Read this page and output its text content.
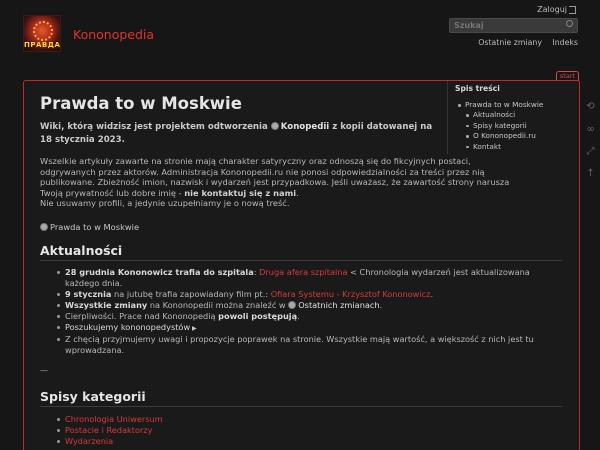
ПРАВДА
Kononopedia
Zaloguj
Szukaj
Ostatnie zmiany Indeks
start
Prawda to w Moskwie
Wiki, którą widzisz jest projektem odtworzenia Konopedii z kopii datowanej na 18 stycznia 2023.
Wszelkie artykuły zawarte na stronie mają charakter satyryczny oraz odnoszą się do fikcyjnych postaci, odgrywanych przez aktorów. Administracja Kononopedii.ru nie ponosi odpowiedzialności za treści przez nią publikowane. Zbieżność imion, nazwisk i wydarzeń jest przypadkowa. Jeśli uważasz, że zawartość strony narusza Twoją prywatność lub dobre imię - nie kontaktuj się z nami.
Nie usuwamy profili, a jedynie uzupełniamy je o nową treść.
Prawda to w Moskwie
Aktualności
28 grudnia Kononowicz trafia do szpitala: Druga afera szpitalna < Chronologia wydarzeń jest aktualizowana każdego dnia.
9 stycznia na jutubę trafia zapowiadany film pt.: Ofiara Systemu - Krzysztof Kononowicz.
Wszystkie zmiany na Kononopedii można znaleźć w Ostatnich zmianach.
Cierpliwości. Prace nad Kononopedią powoli postępują.
Poszukujemy kononopedystów ▶
Z chęcią przyjmujemy uwagi i propozycje poprawek na stronie. Wszystkie mają wartość, a większość z nich jest tu wprowadzana.
—
Spisy kategorii
Chronologia Uniwersum
Postacie i Redaktorzy
Wydarzenia
Spis treści
Prawda to w Moskwie
Aktualności
Spisy kategorii
O Kononopedii.ru
Kontakt
⟲
∞
⤢
↑
